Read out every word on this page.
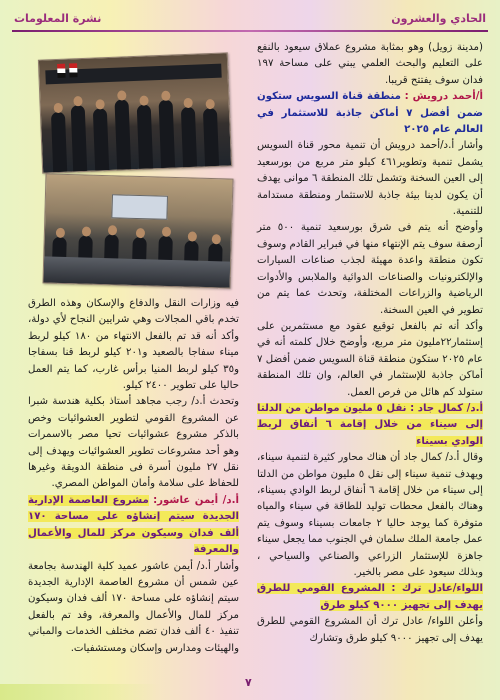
نشرة المعلومات	الحادي والعشرون

(مدينة زويل) وهو بمثابة مشروع عملاق سيعود بالنفع على التعليم والبحث العلمي يبني على مساحة ١٩٧ فدان سوف يفتتح قريبا.

أ/أحمد درويش : منطقة قناة السويس ستكون ضمن أفضل ٧ أماكن جاذبة للاستثمار في العالم عام ٢٠٢٥

وأشار أ.د/أحمد درويش أن تنمية محور قناة السويس يشمل تنمية وتطوير٤٦١ كيلو متر مربع من بورسعيد إلى العين السخنة وتشمل تلك المنطقة ٦ موانى يهدف أن يكون لدينا بيئة جاذبة للاستثمار ومنطقة مستدامة للتنمية.

وأوضح أنه يتم فى شرق بورسعيد تنمية ٥٠٠ متر أرصفة سوف يتم الإنتهاء منها في فبراير القادم وسوف تكون منطقة واعدة مهيئة لجذب صناعات السيارات والإلكترونيات والصناعات الدوائية والملابس والأدوات الرياضية والزراعات المختلفة، وتحدث عما يتم من تطوير في العين السخنة.

وأكد أنه تم بالفعل توقيع عقود مع مستثمرين على إستثمار٢٢مليون متر مربع، وأوضح خلال كلمته أنه في عام ٢٠٢٥ ستكون منطقة قناة السويس ضمن أفضل ٧ أماكن جاذبة للإستثمار في العالم، وان تلك المنطقة ستولد كم هائل من فرص العمل.

أ.د/ كمال جاد : نقل ٥ مليون مواطن من الدلتا إلى سيناء من خلال إقامة ٦ أنفاق لربط الوادي بسيناء

وقال أ.د/ كمال جاد أن هناك محاور كثيرة لتنمية سيناء، ويهدف تنمية سيناء إلى نقل ٥ مليون مواطن من الدلتا إلى سيناء من خلال إقامة ٦ أنفاق لربط الوادي بسيناء، وهناك بالفعل محطات توليد للطاقة في سيناء والمياه متوفرة كما يوجد حاليا ٢ جامعات بسيناء وسوف يتم عمل جامعة الملك سلمان في الجنوب مما يجعل سيناء جاهزة للإستثمار الزراعي والصناعي والسياحي ، وبذلك سيعود على مصر بالخير.

اللواء/عادل ترك : المشروع القومي للطرق يهدف إلى تجهيز ٩٠٠٠ كيلو طرق

وأعلن اللواء/ عادل ترك أن المشروع القومي للطرق يهدف إلى تجهيز ٩٠٠٠ كيلو طرق وتشارك

فيه وزارات النقل والدفاع والإسكان وهذه الطرق تخدم باقي المجالات وهي شرايين النجاح لأي دولة، وأكد أنه قد تم بالفعل الانتهاء من ١٨٠ كيلو لربط ميناء سفاجا بالصعيد و٢٠١ كيلو لربط قنا بسفاجا و٣٥ كيلو لربط المنيا برأس غارب، كما يتم العمل حاليا على تطوير ٢٤٠٠ كيلو.

وتحدث أ.د/ رجب مجاهد أستاذ بكلية هندسة شبرا عن المشروع القومي لتطوير العشوائيات وخص بالذكر مشروع عشوائيات تحيا مصر بالاسمرات وهو أحد مشروعات تطوير العشوائيات ويهدف إلى نقل ٢٧ مليون أسرة فى منطقة الدويقة وغيرها للحفاظ على سلامة وأمان المواطن المصري.

أ.د/ أيمن عاشور: مشروع العاصمة الإدارية الجديدة سيتم إنشاؤه على مساحة ١٧٠ ألف فدان وسيكون مركز للمال والأعمال والمعرفة

وأشار أ.د/ أيمن عاشور عميد كلية الهندسة بجامعة عين شمس أن مشروع العاصمة الإدارية الجديدة سيتم إنشاؤه على مساحة ١٧٠ ألف فدان وسيكون مركز للمال والأعمال والمعرفة، وقد تم بالفعل تنفيذ ٤٠ ألف فدان تضم مختلف الخدمات والمباني والهيئات ومدارس وإسكان ومستشفيات.

٧
